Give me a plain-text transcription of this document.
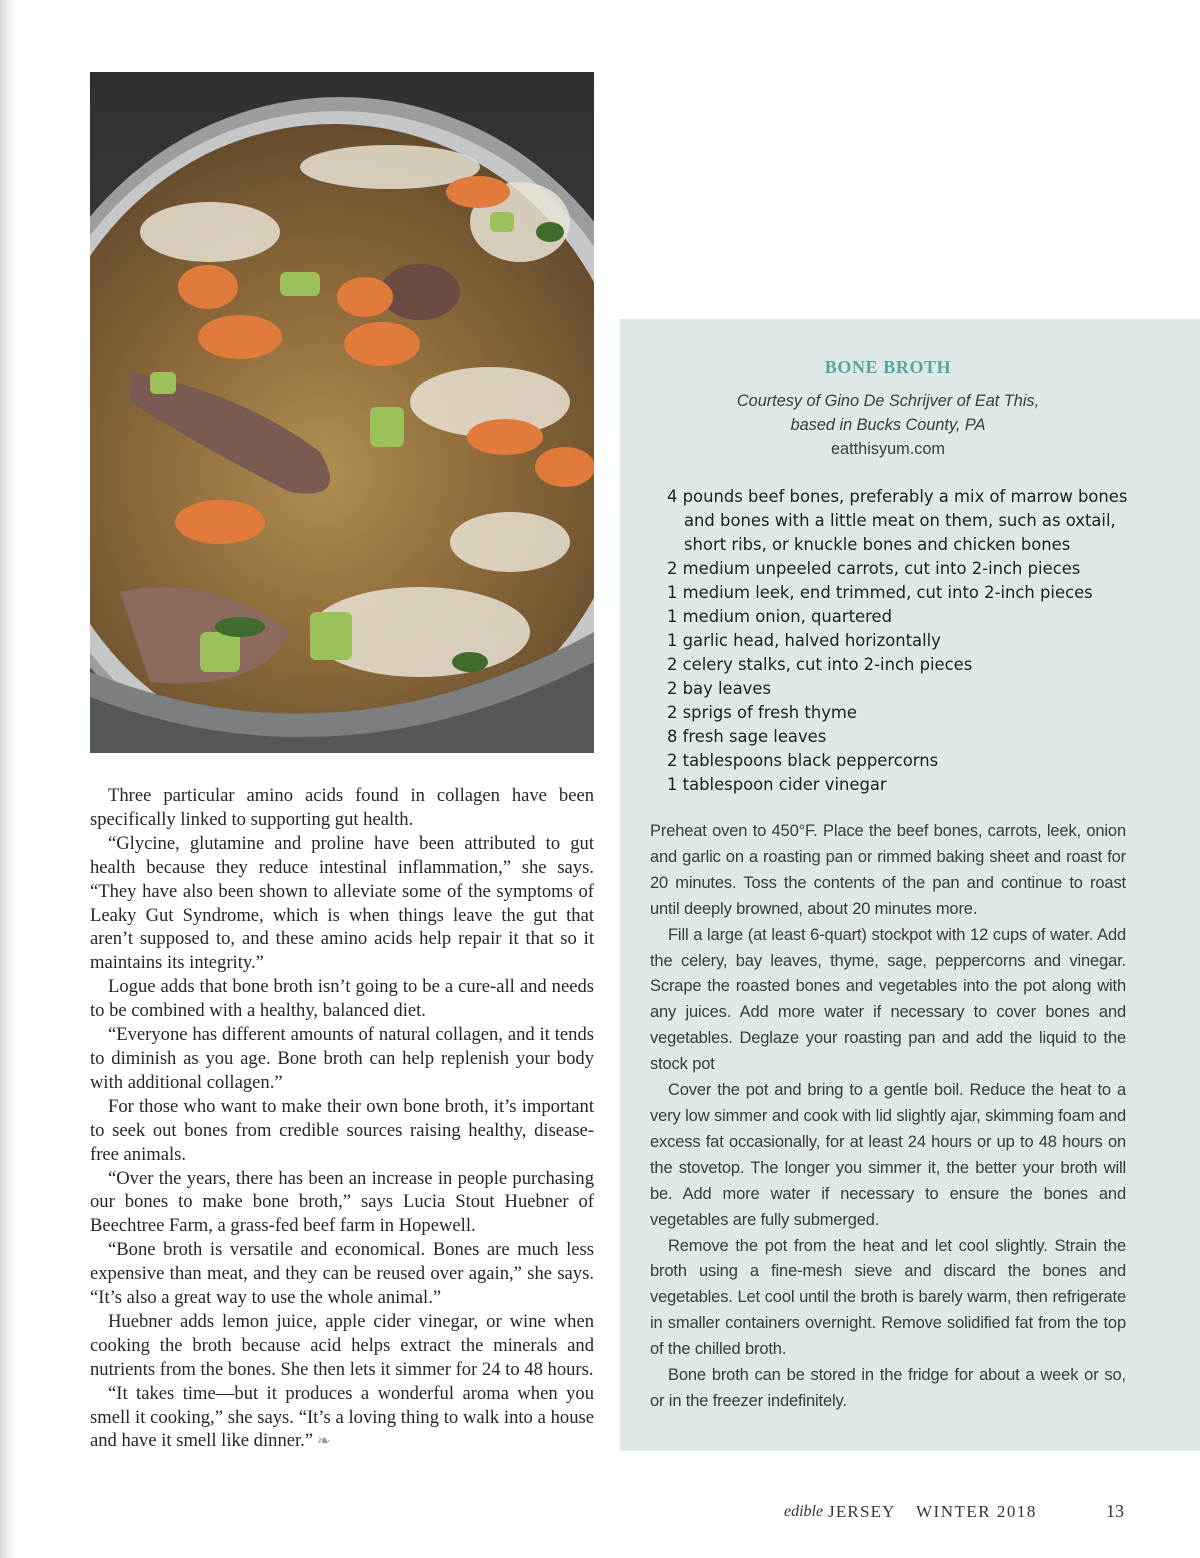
Three particular amino acids found in collagen have been specifically linked to supporting gut health.

“Glycine, glutamine and proline have been attributed to gut health because they reduce intestinal inflammation,” she says. “They have also been shown to alleviate some of the symptoms of Leaky Gut Syndrome, which is when things leave the gut that aren’t supposed to, and these amino acids help repair it that so it maintains its integrity.”

Logue adds that bone broth isn’t going to be a cure-all and needs to be combined with a healthy, balanced diet.

“Everyone has different amounts of natural collagen, and it tends to diminish as you age. Bone broth can help replenish your body with additional collagen.”

For those who want to make their own bone broth, it’s important to seek out bones from credible sources raising healthy, disease-free animals.

“Over the years, there has been an increase in people purchasing our bones to make bone broth,” says Lucia Stout Huebner of Beechtree Farm, a grass-fed beef farm in Hopewell.

“Bone broth is versatile and economical. Bones are much less expensive than meat, and they can be reused over again,” she says. “It’s also a great way to use the whole animal.”

Huebner adds lemon juice, apple cider vinegar, or wine when cooking the broth because acid helps extract the minerals and nutrients from the bones. She then lets it simmer for 24 to 48 hours.

“It takes time—but it produces a wonderful aroma when you smell it cooking,” she says. “It’s a loving thing to walk into a house and have it smell like dinner.” ❧

BONE BROTH
Courtesy of Gino De Schrijver of Eat This,
based in Bucks County, PA
eatthisyum.com
4 pounds beef bones, preferably a mix of marrow bones and bones with a little meat on them, such as oxtail, short ribs, or knuckle bones and chicken bones
2 medium unpeeled carrots, cut into 2-inch pieces
1 medium leek, end trimmed, cut into 2-inch pieces
1 medium onion, quartered
1 garlic head, halved horizontally
2 celery stalks, cut into 2-inch pieces
2 bay leaves
2 sprigs of fresh thyme
8 fresh sage leaves
2 tablespoons black peppercorns
1 tablespoon cider vinegar

Preheat oven to 450°F. Place the beef bones, carrots, leek, onion and garlic on a roasting pan or rimmed baking sheet and roast for 20 minutes. Toss the contents of the pan and continue to roast until deeply browned, about 20 minutes more.

Fill a large (at least 6-quart) stockpot with 12 cups of water. Add the celery, bay leaves, thyme, sage, peppercorns and vinegar. Scrape the roasted bones and vegetables into the pot along with any juices. Add more water if necessary to cover bones and vegetables. Deglaze your roasting pan and add the liquid to the stock pot

Cover the pot and bring to a gentle boil. Reduce the heat to a very low simmer and cook with lid slightly ajar, skimming foam and excess fat occasionally, for at least 24 hours or up to 48 hours on the stovetop. The longer you simmer it, the better your broth will be. Add more water if necessary to ensure the bones and vegetables are fully submerged.

Remove the pot from the heat and let cool slightly. Strain the broth using a fine-mesh sieve and discard the bones and vegetables. Let cool until the broth is barely warm, then refrigerate in smaller containers overnight. Remove solidified fat from the top of the chilled broth.

Bone broth can be stored in the fridge for about a week or so, or in the freezer indefinitely.

edible JERSEY WINTER 2018	13
